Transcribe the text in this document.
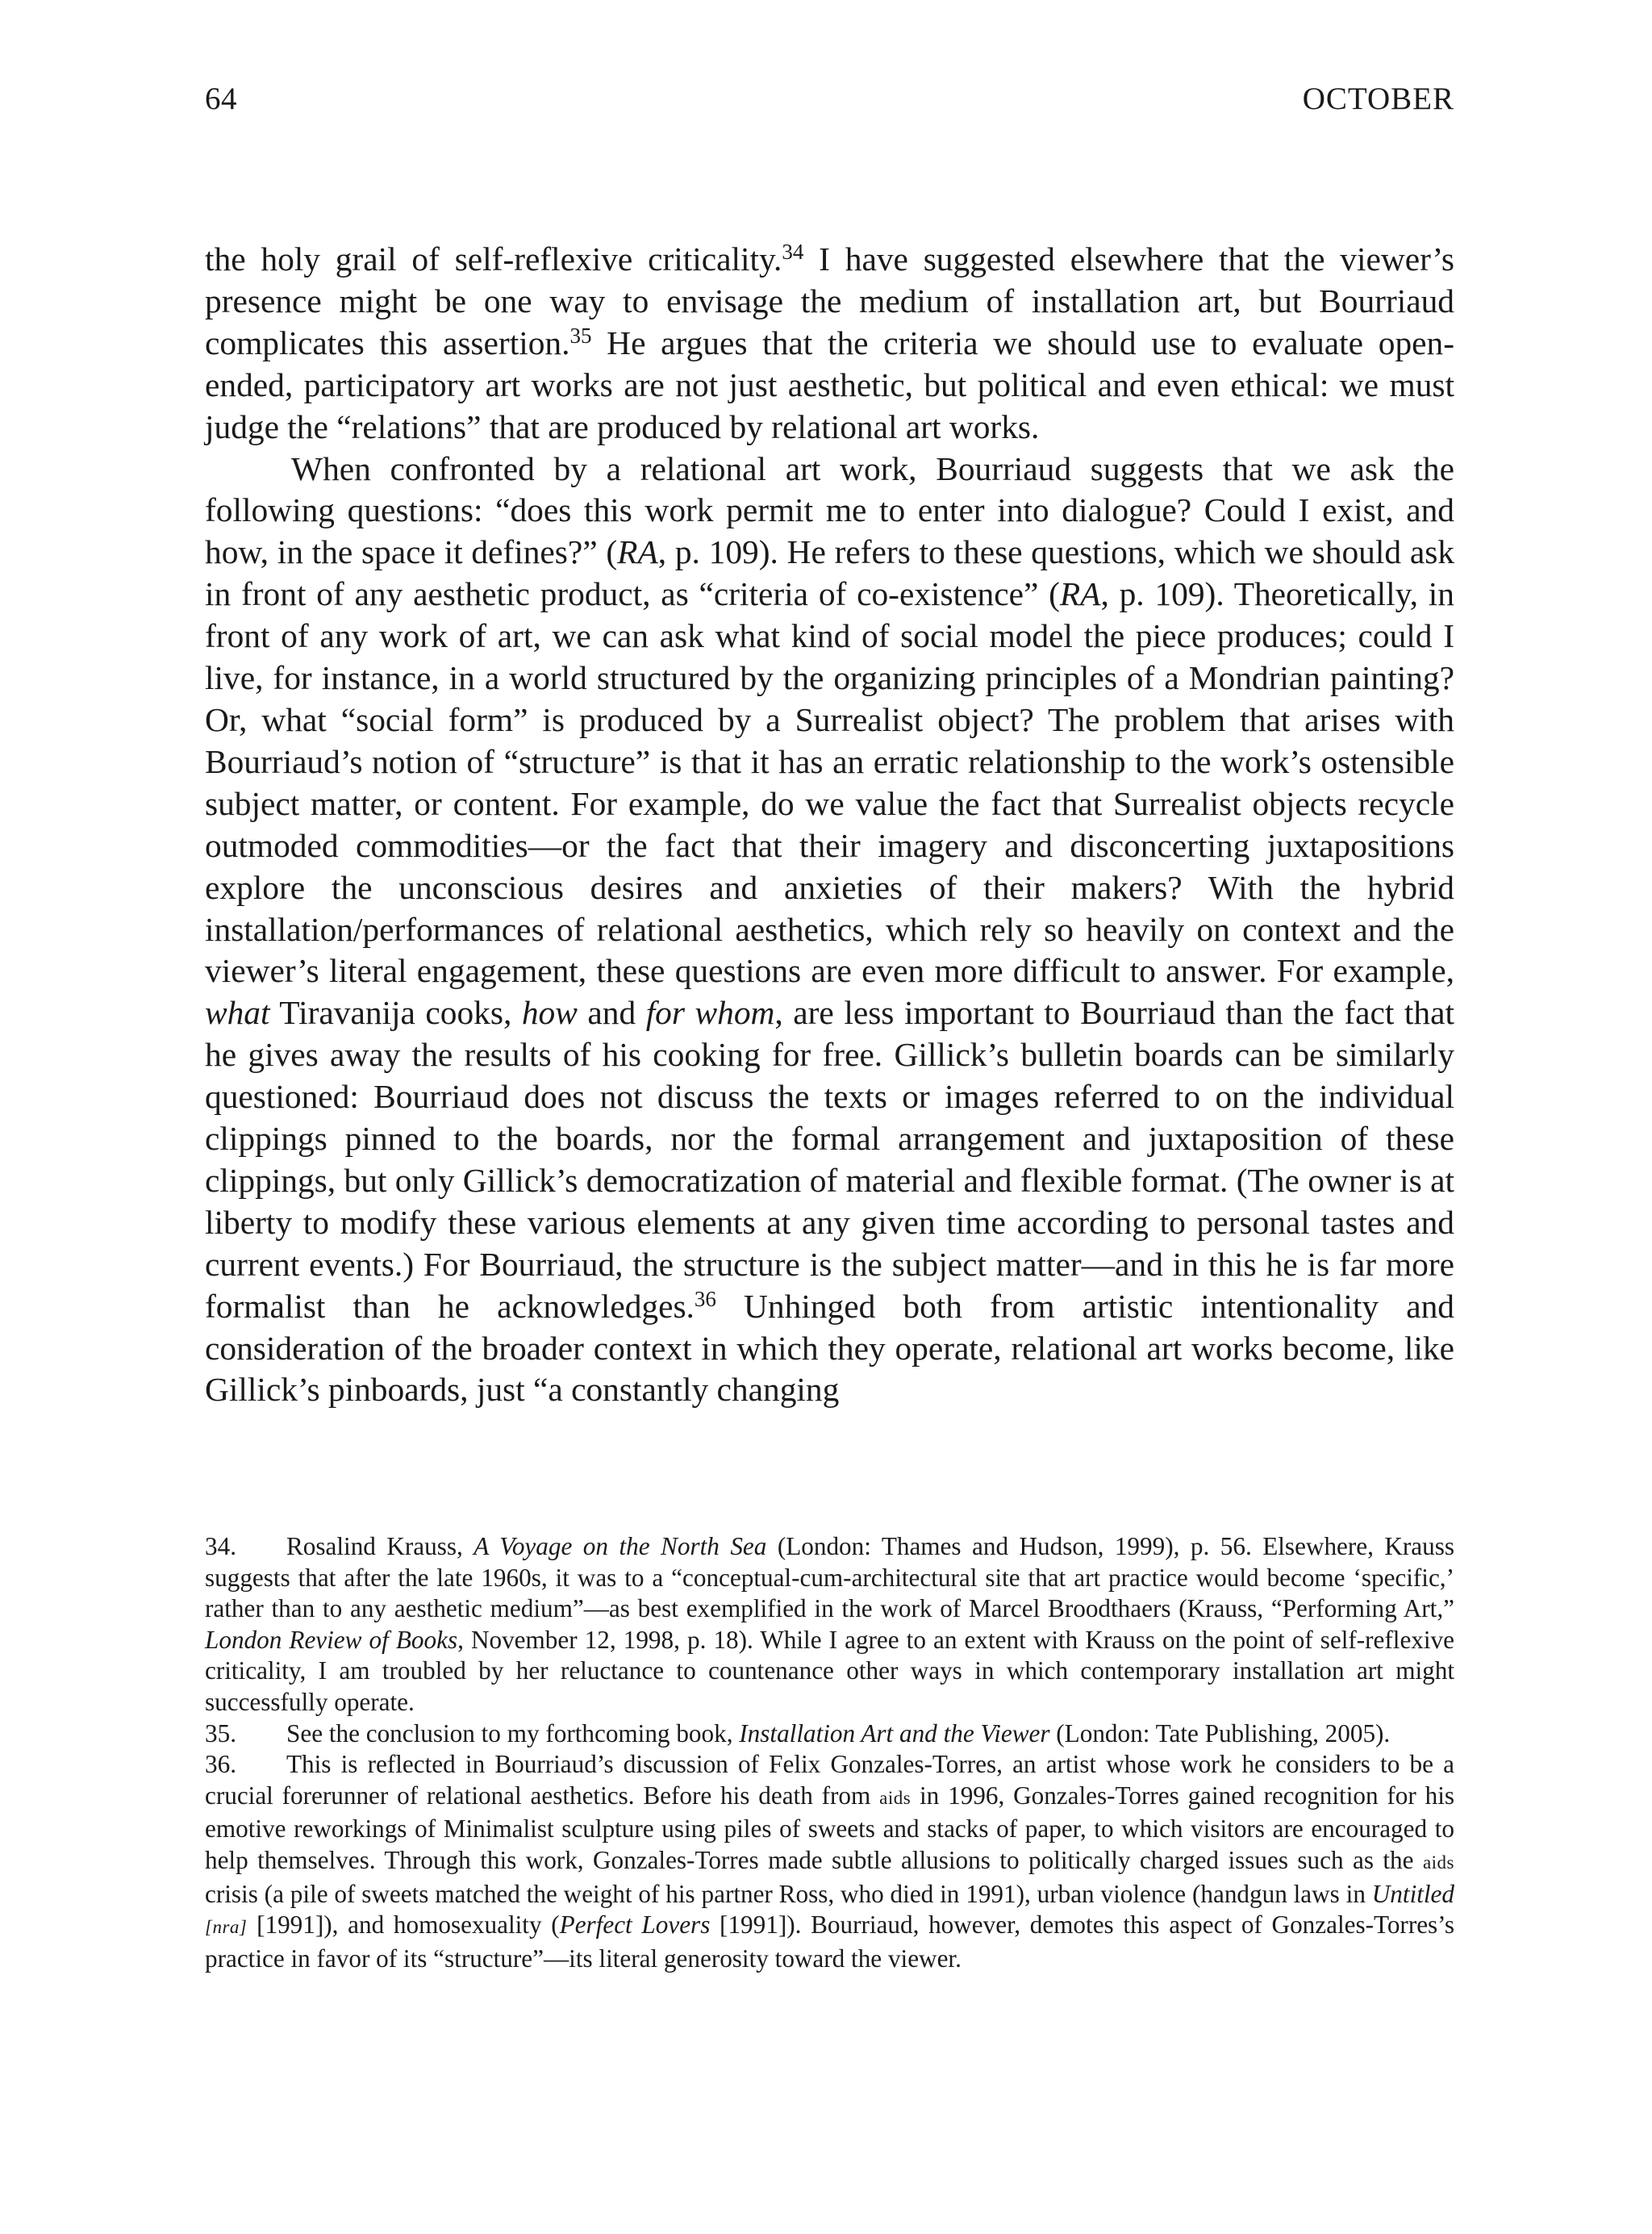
64	OCTOBER

the holy grail of self-reflexive criticality.$^{34}$ I have suggested elsewhere that the viewer’s presence might be one way to envisage the medium of installation art, but Bourriaud complicates this assertion.$^{35}$ He argues that the criteria we should use to evaluate open-ended, participatory art works are not just aesthetic, but political and even ethical: we must judge the “relations” that are produced by relational art works.

When confronted by a relational art work, Bourriaud suggests that we ask the following questions: “does this work permit me to enter into dialogue? Could I exist, and how, in the space it defines?” (RA, p. 109). He refers to these questions, which we should ask in front of any aesthetic product, as “criteria of co-existence” (RA, p. 109). Theoretically, in front of any work of art, we can ask what kind of social model the piece produces; could I live, for instance, in a world structured by the organizing principles of a Mondrian painting? Or, what “social form” is produced by a Surrealist object? The problem that arises with Bourriaud’s notion of “structure” is that it has an erratic relationship to the work’s ostensible subject matter, or content. For example, do we value the fact that Surrealist objects recycle outmoded commodities—or the fact that their imagery and disconcerting juxtapositions explore the unconscious desires and anxieties of their makers? With the hybrid installation/performances of relational aesthetics, which rely so heavily on context and the viewer’s literal engagement, these questions are even more difficult to answer. For example, what Tiravanija cooks, how and for whom, are less important to Bourriaud than the fact that he gives away the results of his cooking for free. Gillick’s bulletin boards can be similarly questioned: Bourriaud does not discuss the texts or images referred to on the individual clippings pinned to the boards, nor the formal arrangement and juxtaposition of these clippings, but only Gillick’s democratization of material and flexible format. (The owner is at liberty to modify these various elements at any given time according to personal tastes and current events.) For Bourriaud, the structure is the subject matter—and in this he is far more formalist than he acknowledges.$^{36}$ Unhinged both from artistic intentionality and consideration of the broader context in which they operate, relational art works become, like Gillick’s pinboards, just “a constantly changing

34. Rosalind Krauss, A Voyage on the North Sea (London: Thames and Hudson, 1999), p. 56. Elsewhere, Krauss suggests that after the late 1960s, it was to a “conceptual-cum-architectural site that art practice would become ‘specific,’ rather than to any aesthetic medium”—as best exemplified in the work of Marcel Broodthaers (Krauss, “Performing Art,” London Review of Books, November 12, 1998, p. 18). While I agree to an extent with Krauss on the point of self-reflexive criticality, I am troubled by her reluctance to countenance other ways in which contemporary installation art might successfully operate.

35. See the conclusion to my forthcoming book, Installation Art and the Viewer (London: Tate Publishing, 2005).

36. This is reflected in Bourriaud’s discussion of Felix Gonzales-Torres, an artist whose work he considers to be a crucial forerunner of relational aesthetics. Before his death from aids in 1996, Gonzales-Torres gained recognition for his emotive reworkings of Minimalist sculpture using piles of sweets and stacks of paper, to which visitors are encouraged to help themselves. Through this work, Gonzales-Torres made subtle allusions to politically charged issues such as the aids crisis (a pile of sweets matched the weight of his partner Ross, who died in 1991), urban violence (handgun laws in Untitled [nra] [1991]), and homosexuality (Perfect Lovers [1991]). Bourriaud, however, demotes this aspect of Gonzales-Torres’s practice in favor of its “structure”—its literal generosity toward the viewer.
